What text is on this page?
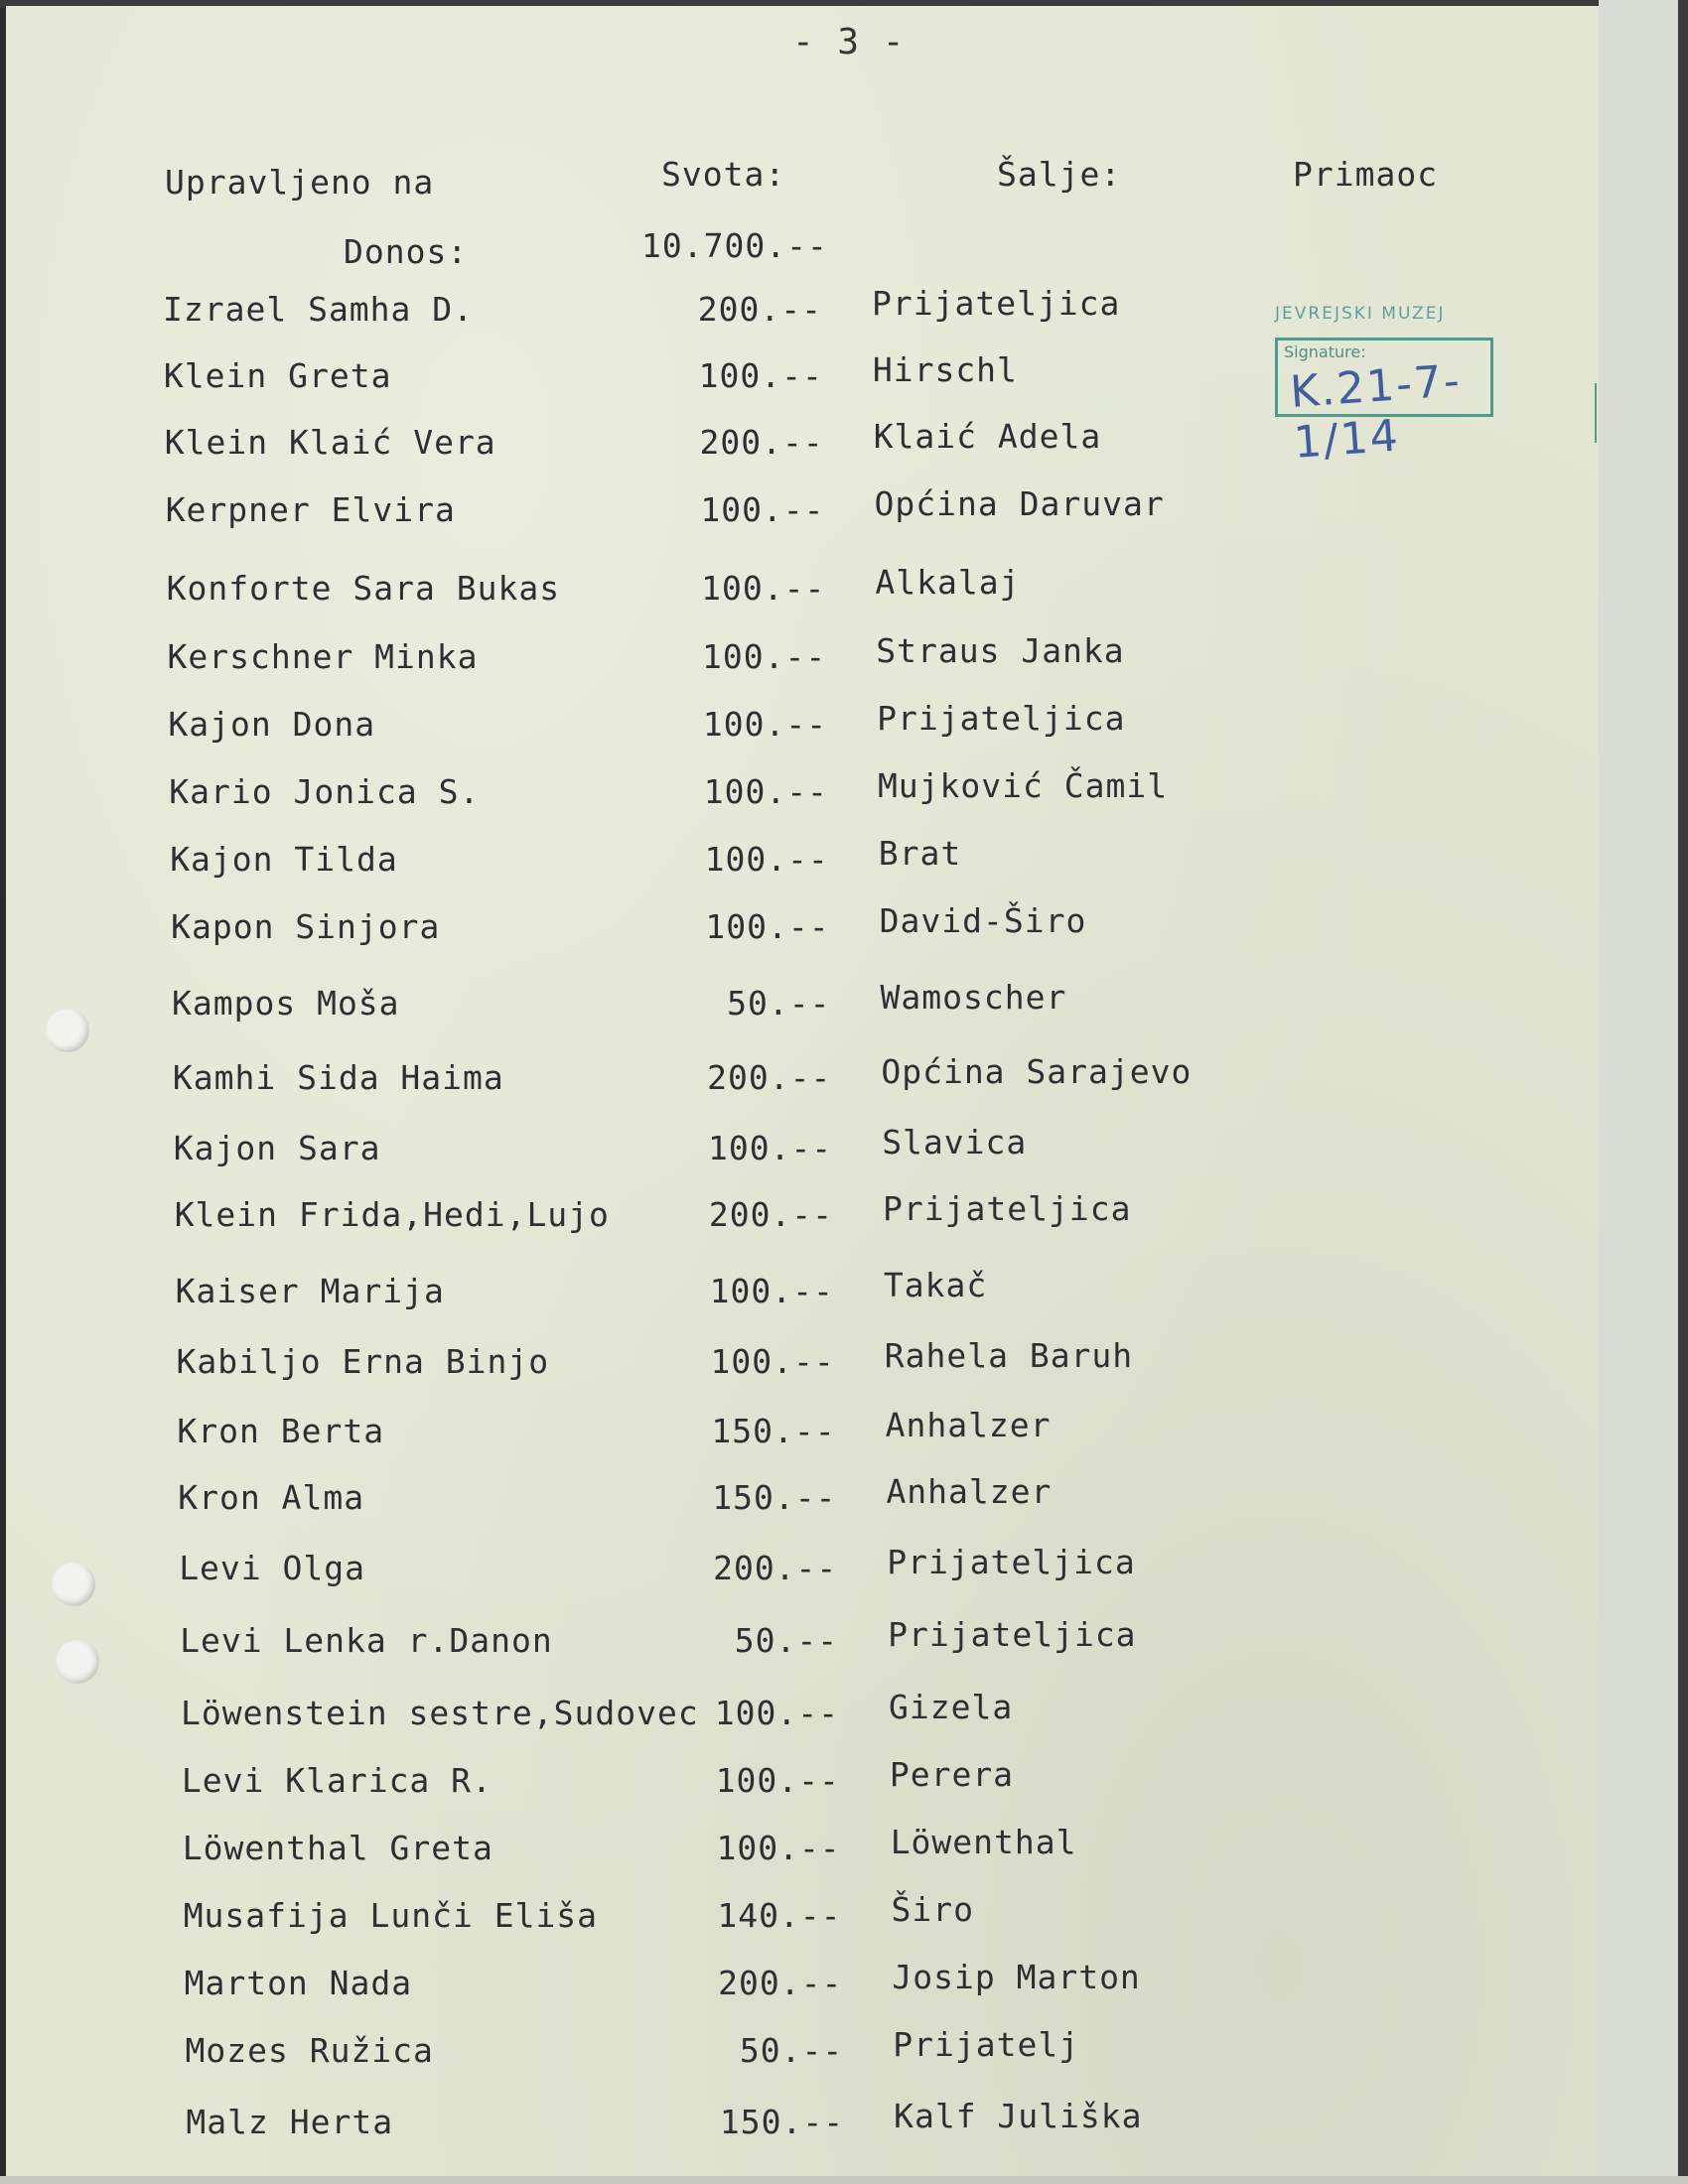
- 3 -
Upravljeno na	Svota:	Šalje:	Primaoc
Donos:	10.700.--
Izrael Samha D.	200.-- Prijateljica
Klein Greta	100.-- Hirschl
Klein Klaić Vera	200.-- Klaić Adela
Kerpner Elvira	100.-- Općina Daruvar
Konforte Sara Bukas	100.-- Alkalaj
Kerschner Minka	100.-- Straus Janka
Kajon Dona	100.-- Prijateljica
Kario Jonica S.	100.-- Mujković Čamil
Kajon Tilda	100.-- Brat
Kapon Sinjora	100.-- David-Širo
Kampos Moša	50.-- Wamoscher
Kamhi Sida Haima	200.-- Općina Sarajevo
Kajon Sara	100.-- Slavica
Klein Frida,Hedi,Lujo	200.-- Prijateljica
Kaiser Marija	100.-- Takač
Kabiljo Erna Binjo	100.-- Rahela Baruh
Kron Berta	150.-- Anhalzer
Kron Alma	150.-- Anhalzer
Levi Olga	200.-- Prijateljica
Levi Lenka r.Danon	50.-- Prijateljica
Löwenstein sestre,Sudovec 100.-- Gizela
Levi Klarica R.	100.-- Perera
Löwenthal Greta	100.-- Löwenthal
Musafija Lunči Eliša	140.-- Širo
Marton Nada	200.-- Josip Marton
Mozes Ružica	50.-- Prijatelj
Malz Herta	150.-- Kalf Juliška
JEVREJSKI MUZEJ
Signature:
K.21-7-1/14
